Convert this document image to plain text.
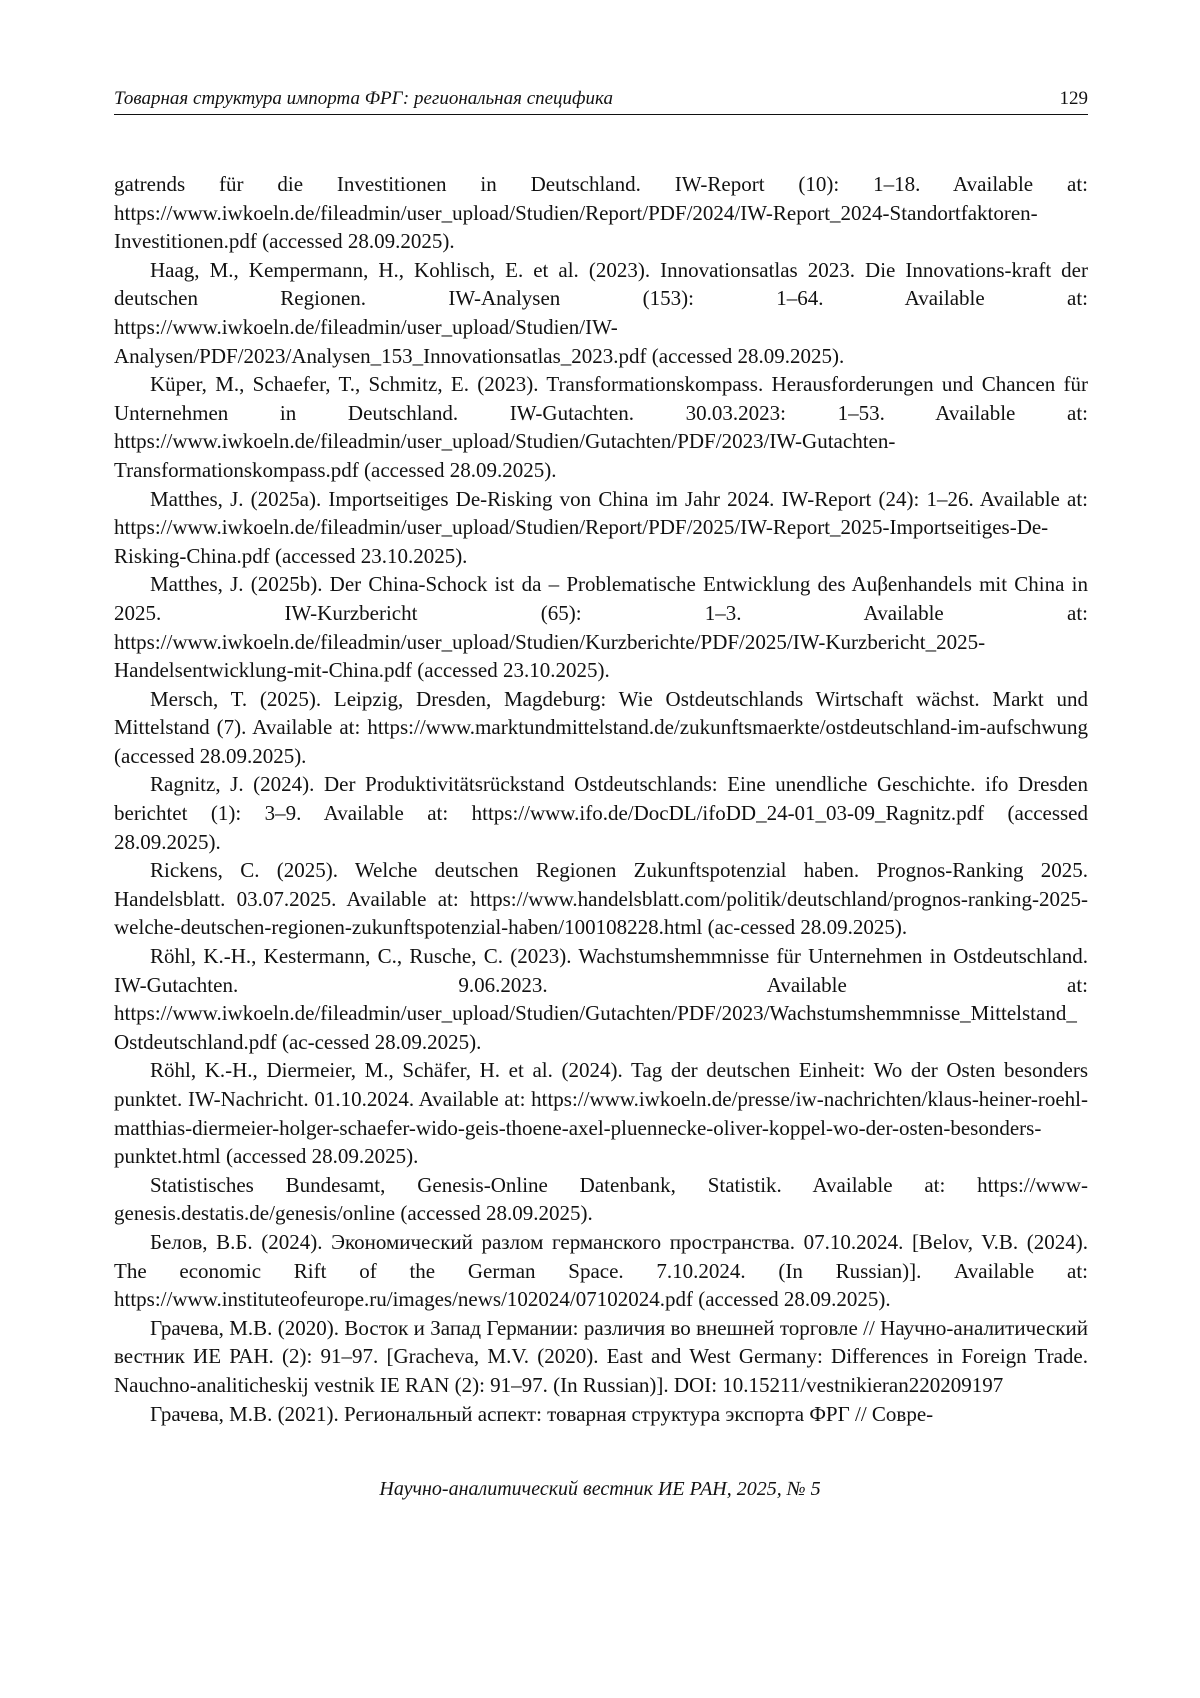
Товарная структура импорта ФРГ: региональная специфика	129

gatrends für die Investitionen in Deutschland. IW-Report (10): 1–18. Available at: https://www.iwkoeln.de/fileadmin/user_upload/Studien/Report/PDF/2024/IW-Report_2024-Standortfaktoren-Investitionen.pdf (accessed 28.09.2025).

Haag, M., Kempermann, H., Kohlisch, E. et al. (2023). Innovationsatlas 2023. Die Innovations-kraft der deutschen Regionen. IW-Analysen (153): 1–64. Available at: https://www.iwkoeln.de/fileadmin/user_upload/Studien/IW-Analysen/PDF/2023/Analysen_153_Innovationsatlas_2023.pdf (accessed 28.09.2025).

Küper, M., Schaefer, T., Schmitz, E. (2023). Transformationskompass. Herausforderungen und Chancen für Unternehmen in Deutschland. IW-Gutachten. 30.03.2023: 1–53. Available at: https://www.iwkoeln.de/fileadmin/user_upload/Studien/Gutachten/PDF/2023/IW-Gutachten-Transformationskompass.pdf (accessed 28.09.2025).

Matthes, J. (2025a). Importseitiges De-Risking von China im Jahr 2024. IW-Report (24): 1–26. Available at: https://www.iwkoeln.de/fileadmin/user_upload/Studien/Report/PDF/2025/IW-Report_2025-Importseitiges-De-Risking-China.pdf (accessed 23.10.2025).

Matthes, J. (2025b). Der China-Schock ist da – Problematische Entwicklung des Auβenhandels mit China in 2025. IW-Kurzbericht (65): 1–3. Available at: https://www.iwkoeln.de/fileadmin/user_upload/Studien/Kurzberichte/PDF/2025/IW-Kurzbericht_2025-Handelsentwicklung-mit-China.pdf (accessed 23.10.2025).

Mersch, T. (2025). Leipzig, Dresden, Magdeburg: Wie Ostdeutschlands Wirtschaft wächst. Markt und Mittelstand (7). Available at: https://www.marktundmittelstand.de/zukunftsmaerkte/ostdeutschland-im-aufschwung (accessed 28.09.2025).

Ragnitz, J. (2024). Der Produktivitätsrückstand Ostdeutschlands: Eine unendliche Geschichte. ifo Dresden berichtet (1): 3–9. Available at: https://www.ifo.de/DocDL/ifoDD_24-01_03-09_Ragnitz.pdf (accessed 28.09.2025).

Rickens, C. (2025). Welche deutschen Regionen Zukunftspotenzial haben. Prognos-Ranking 2025. Handelsblatt. 03.07.2025. Available at: https://www.handelsblatt.com/politik/deutschland/prognos-ranking-2025-welche-deutschen-regionen-zukunftspotenzial-haben/100108228.html (ac-cessed 28.09.2025).

Röhl, K.-H., Kestermann, C., Rusche, C. (2023). Wachstumshemmnisse für Unternehmen in Ostdeutschland. IW-Gutachten. 9.06.2023. Available at: https://www.iwkoeln.de/fileadmin/user_upload/Studien/Gutachten/PDF/2023/Wachstumshemmnisse_Mittelstand_Ostdeutschland.pdf (ac-cessed 28.09.2025).

Röhl, K.-H., Diermeier, M., Schäfer, H. et al. (2024). Tag der deutschen Einheit: Wo der Osten besonders punktet. IW-Nachricht. 01.10.2024. Available at: https://www.iwkoeln.de/presse/iw-nachrichten/klaus-heiner-roehl-matthias-diermeier-holger-schaefer-wido-geis-thoene-axel-pluennecke-oliver-koppel-wo-der-osten-besonders-punktet.html (accessed 28.09.2025).

Statistisches Bundesamt, Genesis-Online Datenbank, Statistik. Available at: https://www-genesis.destatis.de/genesis/online (accessed 28.09.2025).

Белов, В.Б. (2024). Экономический разлом германского пространства. 07.10.2024. [Belov, V.B. (2024). The economic Rift of the German Space. 7.10.2024. (In Russian)]. Available at: https://www.instituteofeurope.ru/images/news/102024/07102024.pdf (accessed 28.09.2025).

Грачева, М.В. (2020). Восток и Запад Германии: различия во внешней торговле // Научно-аналитический вестник ИЕ РАН. (2): 91–97. [Gracheva, M.V. (2020). East and West Germany: Differences in Foreign Trade. Nauchno-analiticheskij vestnik IE RAN (2): 91–97. (In Russian)]. DOI: 10.15211/vestnikieran220209197

Грачева, М.В. (2021). Региональный аспект: товарная структура экспорта ФРГ // Совре-

Научно-аналитический вестник ИЕ РАН, 2025, № 5
